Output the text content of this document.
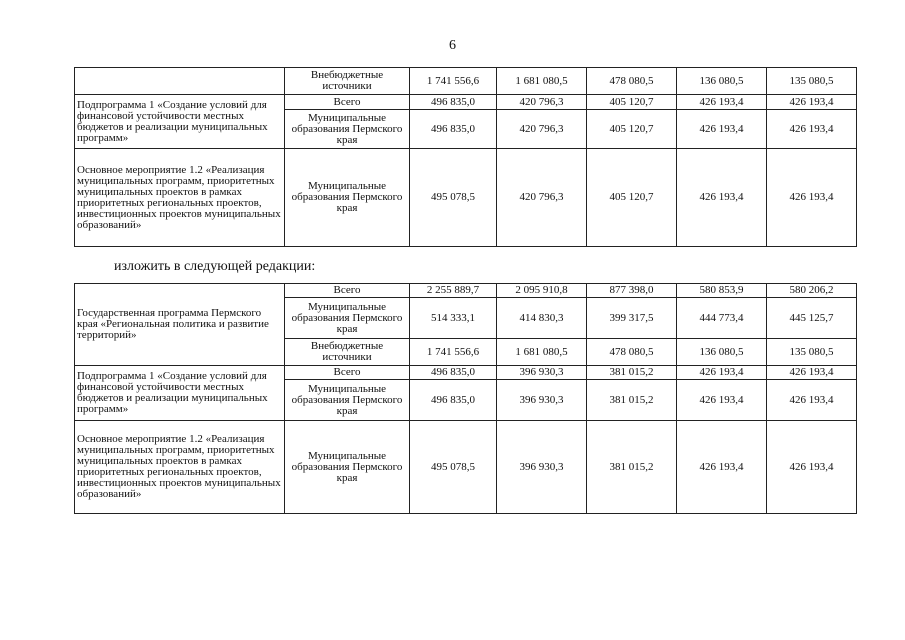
6
	Внебюджетные источники	1 741 556,6	1 681 080,5	478 080,5	136 080,5	135 080,5
Подпрограмма 1 «Создание условий для финансовой устойчивости местных бюджетов и реализации муниципальных программ»	Всего	496 835,0	420 796,3	405 120,7	426 193,4	426 193,4
	Муниципальные образования Пермского края	496 835,0	420 796,3	405 120,7	426 193,4	426 193,4
Основное мероприятие 1.2 «Реализация муниципальных программ, приоритетных муниципальных проектов в рамках приоритетных региональных проектов, инвестиционных проектов муниципальных образований»	Муниципальные образования Пермского края	495 078,5	420 796,3	405 120,7	426 193,4	426 193,4
изложить в следующей редакции:
Государственная программа Пермского края «Региональная политика и развитие территорий»	Всего	2 255 889,7	2 095 910,8	877 398,0	580 853,9	580 206,2
	Муниципальные образования Пермского края	514 333,1	414 830,3	399 317,5	444 773,4	445 125,7
	Внебюджетные источники	1 741 556,6	1 681 080,5	478 080,5	136 080,5	135 080,5
Подпрограмма 1 «Создание условий для финансовой устойчивости местных бюджетов и реализации муниципальных программ»	Всего	496 835,0	396 930,3	381 015,2	426 193,4	426 193,4
	Муниципальные образования Пермского края	496 835,0	396 930,3	381 015,2	426 193,4	426 193,4
Основное мероприятие 1.2 «Реализация муниципальных программ, приоритетных муниципальных проектов в рамках приоритетных региональных проектов, инвестиционных проектов муниципальных образований»	Муниципальные образования Пермского края	495 078,5	396 930,3	381 015,2	426 193,4	426 193,4
